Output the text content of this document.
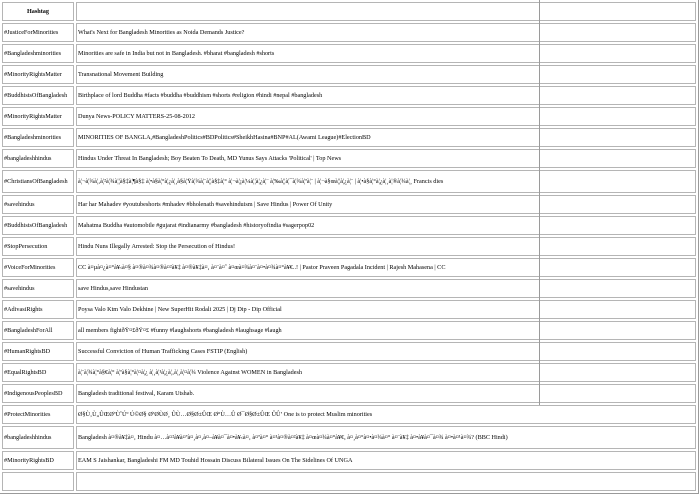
Hashtag	
#JusticeForMinorities	What's Next for Bangladesh Minorities as Noida Demands Justice?
#Bangladeshminorities	Minorities are safe in India but not in Bangladesh. #bharat #bangladesh #shorts
#MinorityRightsMatter	Transnational Movement Building
#BuddhistsOfBangladesh	Birthplace of lord Buddha #facts #buddha #buddhism #shorts #religion #hindi #nepal #bangladesh
#MinorityRightsMatter	Dunya News-POLICY MATTERS-25-08-2012
#Bangladeshminorities	MINORITIES OF BANGLA,#BangladeshPolitics#BDPolitics#SheikhHasina#BNP#AL(Awami League)#ElectionBD
#bangladeshhindus	Hindus Under Threat In Bangladesh; Boy Beaten To Death, MD Yunus Says Attacks 'Political' | Top News
#ChristiansOfBangladesh	à¦¬à¦¾à¦‚à¦²à¦¾à¦¦à§‡à¦¶à§‡ à¦•à§à¦°à¦¿à¦¸à§à¦Ÿà¦¾à¦¨à¦¦à§‡à¦° à¦¬à¦¡à¦¼à¦¦à¦¿à¦¨ à¦‰à¦¦à¦¯à¦¾à¦ªà¦¨ | à¦¬à§œà¦¦à¦¿à¦¨ | à¦•à§à¦°à¦¿à¦¸à¦®à¦¾à¦¸ Francis dies
#savehindus	Har har Mahadev #youtubeshorts #mhadev #bholenath #savehinduism | Save Hindus | Power Of Unity
#BuddhistsOfBangladesh	Mahatma Buddha #automobile #gujarat #indianarmy #bangladesh #historyofindia #sagerpop02
#StopPersecution	Hindu Nuns Illegally Arrested: Stop the Persecution of Hindus!
#VoiceForMinorities	CC à¤µà¤¿à¤°à¥‹à¤§ à¤®à¤¾à¤®à¤²à¥‡ à¤®à¥‡à¤‚ à¤¨à¤ˆ à¤œà¤¾à¤¨à¤•à¤¾à¤°à¥€..! | Pastor Praveen Pagadala Incident | Rajesh Mahasena | CC
#savehindus	save Hindus,save Hindustan
#AdivasiRights	Poysa Valo Ktm Valo Dekhine | New SuperHit Rodali 2025 | Dj Dip - Dip Official
#BangladeshForAll	all members fightðŸ¤£ðŸ¤£ #funny #laughshorts #bangladesh #laughsage #laugh
#HumanRightsBD	Successful Conviction of Human Trafficking Cases FSTIP (English)
#EqualRightsBD	à¦¨à¦¾à¦°à§€à¦° à¦ªà§à¦°à¦¤à¦¿ à¦¸à¦¹à¦¿à¦‚à¦¸à¦¤à¦¾ Violence Against WOMEN in Bangladesh
#IndigenousPeoplesBD	Bangladesh traditional festival, Karam Utshab.
#ProtectMinorities	Ø§Ù‚Ù„ÛŒØªÙˆÚº Ú©Ø§ ØªØÙØ¸ ÛÙ…Ø§Ø±ÛŒ Ø°Ù…Û Ø¯Ø§Ø±ÛŒ ÛÛ’ One is to protect Muslim minorities
#bangladeshhindus	Bangladesh à¤®à¥‡à¤‚ Hindu à¤…à¤²à¥à¤ªà¤¸à¤‚à¤–à¥à¤¯à¤•à¥‹à¤‚ à¤ªà¤° à¤¹à¤®à¤²à¥‡ à¤œà¤¾à¤°à¥€, à¤¸à¤°à¤•à¤¾à¤° à¤¨à¥‡ à¤•à¥à¤¯à¤¾ à¤•à¤¹à¤¾? (BBC Hindi)
#MinorityRightsBD	EAM S Jaishankar, Bangladeshi FM MD Touhid Hossain Discuss Bilateral Issues On The Sidelines Of UNGA
